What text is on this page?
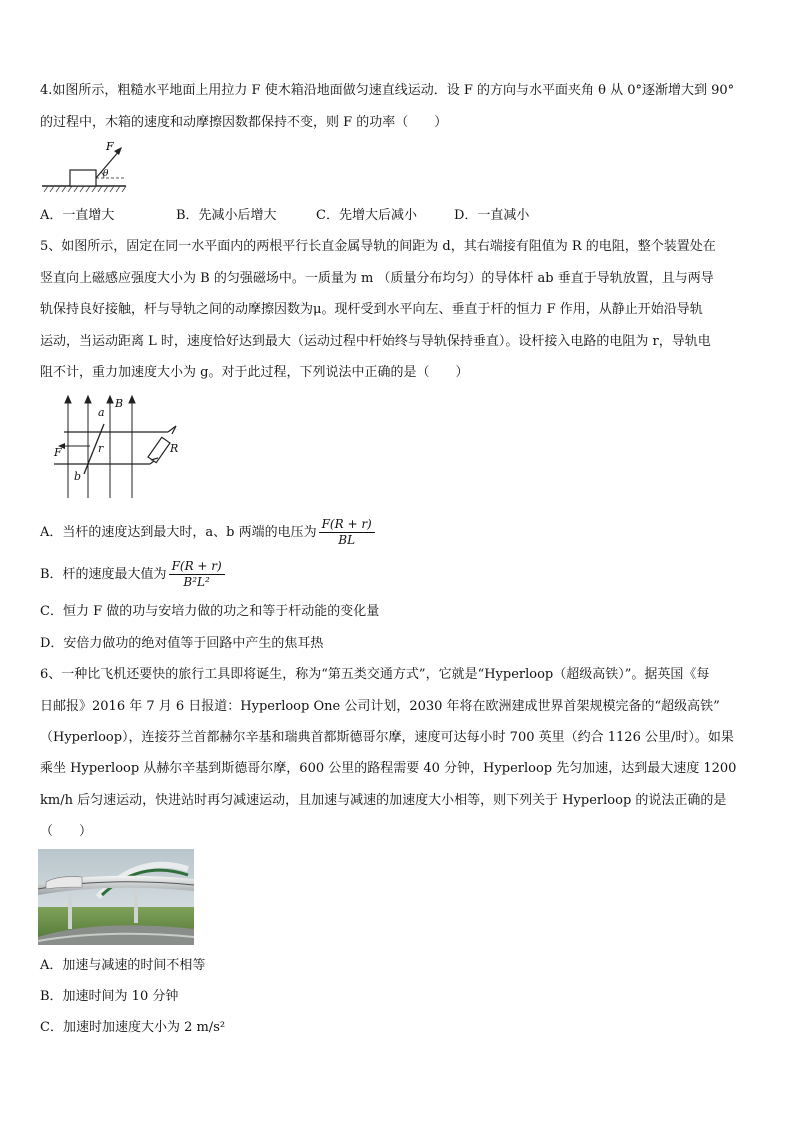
4.如图所示，粗糙水平地面上用拉力 F 使木箱沿地面做匀速直线运动．设 F 的方向与水平面夹角 θ 从 0°逐渐增大到 90°
的过程中，木箱的速度和动摩擦因数都保持不变，则 F 的功率（　　）
F
θ
A．一直增大	B．先减小后增大	C．先增大后减小	D．一直减小
5、如图所示，固定在同一水平面内的两根平行长直金属导轨的间距为 d，其右端接有阻值为 R 的电阻，整个装置处在
竖直向上磁感应强度大小为 B 的匀强磁场中。一质量为 m （质量分布均匀）的导体杆 ab 垂直于导轨放置，且与两导
轨保持良好接触，杆与导轨之间的动摩擦因数为μ。现杆受到水平向左、垂直于杆的恒力 F 作用，从静止开始沿导轨
运动，当运动距离 L 时，速度恰好达到最大（运动过程中杆始终与导轨保持垂直）。设杆接入电路的电阻为 r，导轨电
阻不计，重力加速度大小为 g。对于此过程，下列说法中正确的是（　　）
a
b
B
F	r	R
A．当杆的速度达到最大时，a、b 两端的电压为 $\frac{F(R + r)}{BL}$
B．杆的速度最大值为 $\frac{F(R + r)}{\text{B²L²}}$
C．恒力 F 做的功与安培力做的功之和等于杆动能的变化量
D．安倍力做功的绝对值等于回路中产生的焦耳热
6、一种比飞机还要快的旅行工具即将诞生，称为“第五类交通方式”，它就是“Hyperloop（超级高铁）”。据英国《每
日邮报》2016 年 7 月 6 日报道：Hyperloop One 公司计划，2030 年将在欧洲建成世界首架规模完备的“超级高铁”
（Hyperloop），连接芬兰首都赫尔辛基和瑞典首都斯德哥尔摩，速度可达每小时 700 英里（约合 1126 公里/时）。如果
乘坐 Hyperloop 从赫尔辛基到斯德哥尔摩，600 公里的路程需要 40 分钟，Hyperloop 先匀加速，达到最大速度 1200
km/h 后匀速运动，快进站时再匀减速运动，且加速与减速的加速度大小相等，则下列关于 Hyperloop 的说法正确的是
（　　）
A．加速与减速的时间不相等
B．加速时间为 10 分钟
C．加速时加速度大小为 2 m/s²
